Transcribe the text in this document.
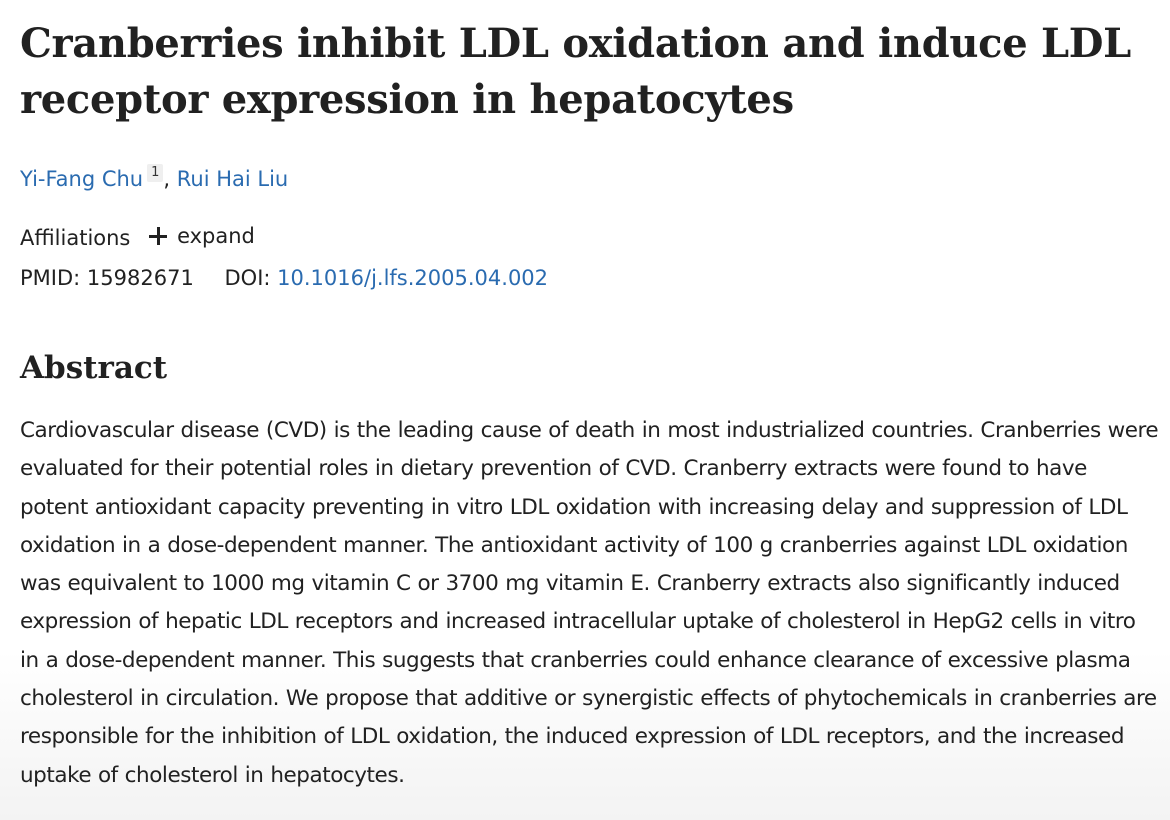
Cranberries inhibit LDL oxidation and induce LDL receptor expression in hepatocytes
Yi-Fang Chu 1 , Rui Hai Liu
Affiliations expand
PMID: 15982671 DOI: 10.1016/j.lfs.2005.04.002
Abstract

Cardiovascular disease (CVD) is the leading cause of death in most industrialized countries. Cranberries were evaluated for their potential roles in dietary prevention of CVD. Cranberry extracts were found to have potent antioxidant capacity preventing in vitro LDL oxidation with increasing delay and suppression of LDL oxidation in a dose-dependent manner. The antioxidant activity of 100 g cranberries against LDL oxidation was equivalent to 1000 mg vitamin C or 3700 mg vitamin E. Cranberry extracts also significantly induced expression of hepatic LDL receptors and increased intracellular uptake of cholesterol in HepG2 cells in vitro in a dose-dependent manner. This suggests that cranberries could enhance clearance of excessive plasma cholesterol in circulation. We propose that additive or synergistic effects of phytochemicals in cranberries are responsible for the inhibition of LDL oxidation, the induced expression of LDL receptors, and the increased uptake of cholesterol in hepatocytes.
